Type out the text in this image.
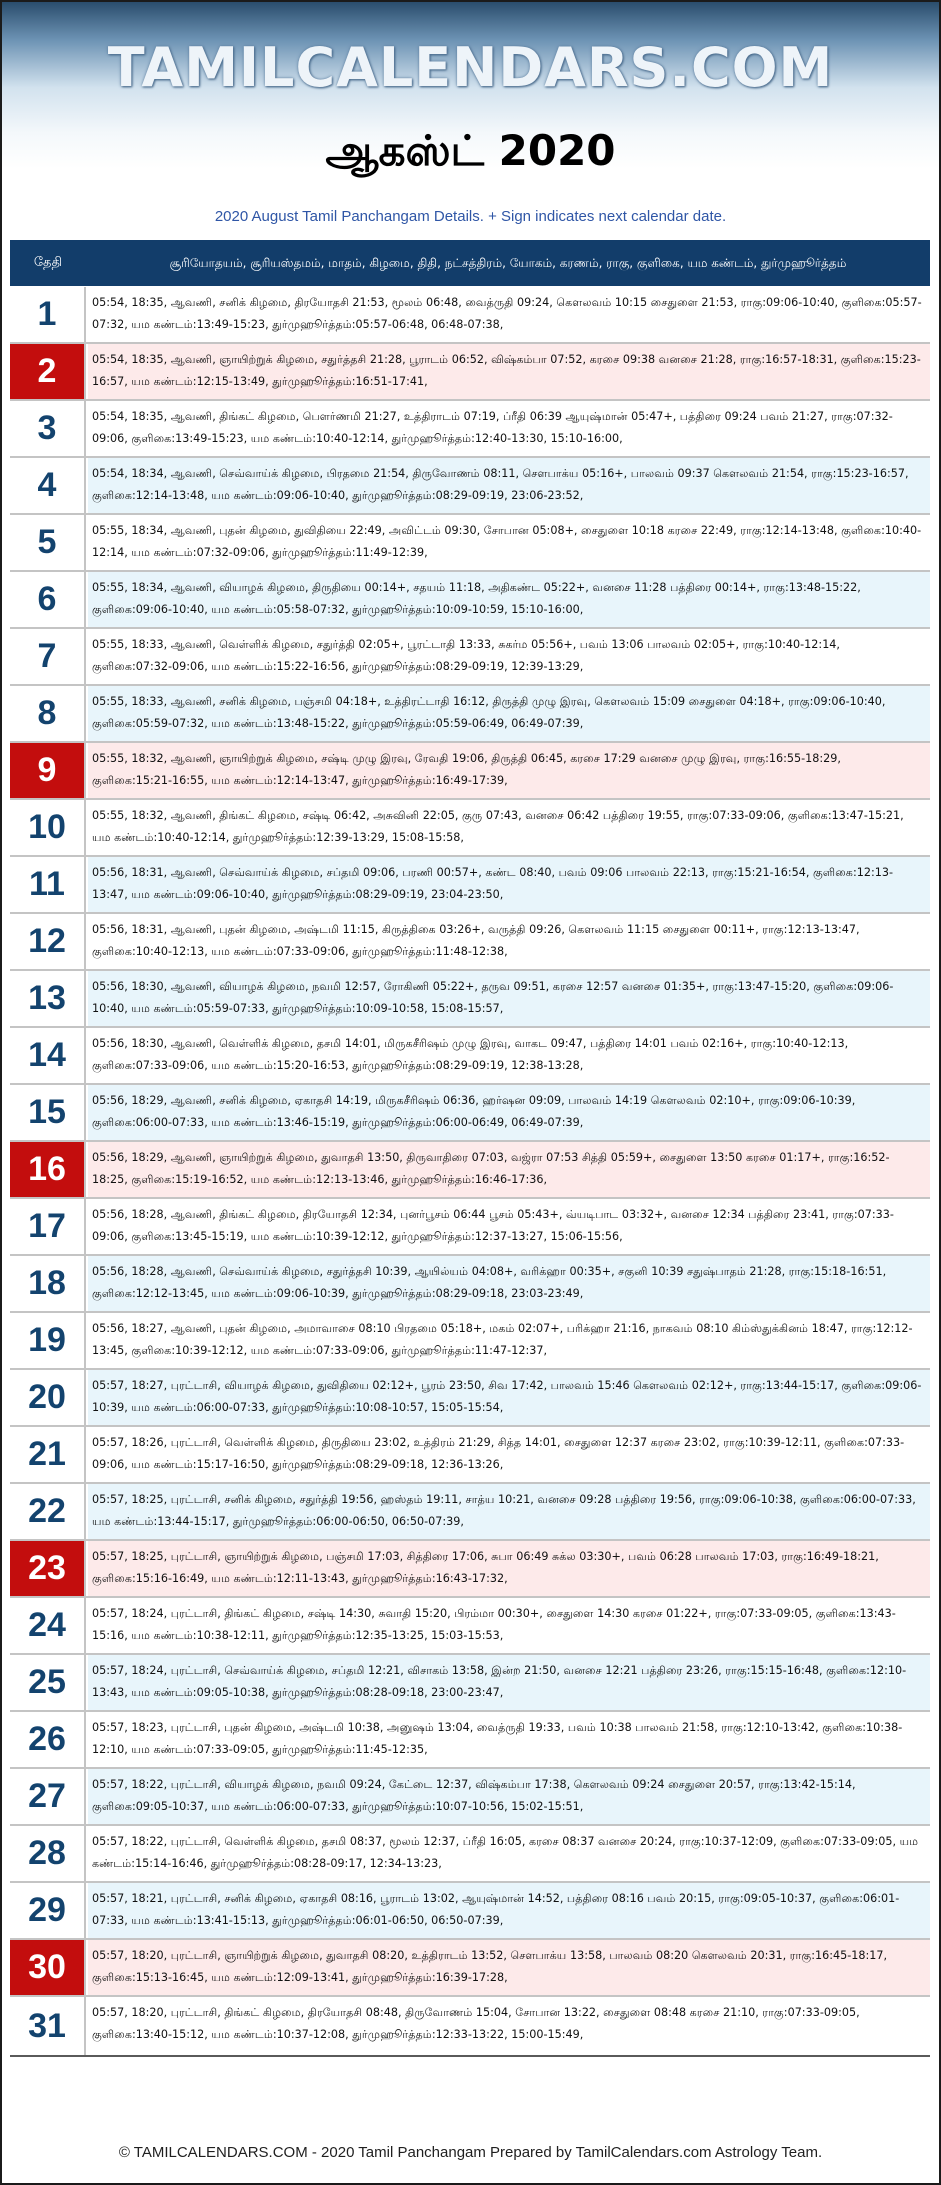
TAMILCALENDARS.COM
ஆகஸ்ட் 2020
2020 August Tamil Panchangam Details. + Sign indicates next calendar date.
தேதி	சூரியோதயம், சூரியஸ்தமம், மாதம், கிழமை, திதி, நட்சத்திரம், யோகம், கரணம், ராகு, குளிகை, யம கண்டம், துர்முஹூர்த்தம்
1	05:54, 18:35, ஆவணி, சனிக் கிழமை, திரயோதசி 21:53, மூலம் 06:48, வைத்ருதி 09:24, கௌலவம் 10:15 சைதுளை 21:53, ராகு:09:06-10:40, குளிகை:05:57-07:32, யம கண்டம்:13:49-15:23, துர்முஹூர்த்தம்:05:57-06:48, 06:48-07:38,
2	05:54, 18:35, ஆவணி, ஞாயிற்றுக் கிழமை, சதுர்த்தசி 21:28, பூராடம் 06:52, விஷ்கம்பா 07:52, கரசை 09:38 வனசை 21:28, ராகு:16:57-18:31, குளிகை:15:23-16:57, யம கண்டம்:12:15-13:49, துர்முஹூர்த்தம்:16:51-17:41,
3	05:54, 18:35, ஆவணி, திங்கட் கிழமை, பௌர்ணமி 21:27, உத்திராடம் 07:19, ப்ரீதி 06:39 ஆயுஷ்மான் 05:47+, பத்திரை 09:24 பவம் 21:27, ராகு:07:32-09:06, குளிகை:13:49-15:23, யம கண்டம்:10:40-12:14, துர்முஹூர்த்தம்:12:40-13:30, 15:10-16:00,
4	05:54, 18:34, ஆவணி, செவ்வாய்க் கிழமை, பிரதமை 21:54, திருவோணம் 08:11, சௌபாக்ய 05:16+, பாலவம் 09:37 கௌலவம் 21:54, ராகு:15:23-16:57, குளிகை:12:14-13:48, யம கண்டம்:09:06-10:40, துர்முஹூர்த்தம்:08:29-09:19, 23:06-23:52,
5	05:55, 18:34, ஆவணி, புதன் கிழமை, துவிதியை 22:49, அவிட்டம் 09:30, சோபான 05:08+, சைதுளை 10:18 கரசை 22:49, ராகு:12:14-13:48, குளிகை:10:40-12:14, யம கண்டம்:07:32-09:06, துர்முஹூர்த்தம்:11:49-12:39,
6	05:55, 18:34, ஆவணி, வியாழக் கிழமை, திருதியை 00:14+, சதயம் 11:18, அதிகண்ட 05:22+, வனசை 11:28 பத்திரை 00:14+, ராகு:13:48-15:22, குளிகை:09:06-10:40, யம கண்டம்:05:58-07:32, துர்முஹூர்த்தம்:10:09-10:59, 15:10-16:00,
7	05:55, 18:33, ஆவணி, வெள்ளிக் கிழமை, சதுர்த்தி 02:05+, பூரட்டாதி 13:33, சுகர்ம 05:56+, பவம் 13:06 பாலவம் 02:05+, ராகு:10:40-12:14, குளிகை:07:32-09:06, யம கண்டம்:15:22-16:56, துர்முஹூர்த்தம்:08:29-09:19, 12:39-13:29,
8	05:55, 18:33, ஆவணி, சனிக் கிழமை, பஞ்சமி 04:18+, உத்திரட்டாதி 16:12, திருத்தி முழு இரவு, கௌலவம் 15:09 சைதுளை 04:18+, ராகு:09:06-10:40, குளிகை:05:59-07:32, யம கண்டம்:13:48-15:22, துர்முஹூர்த்தம்:05:59-06:49, 06:49-07:39,
9	05:55, 18:32, ஆவணி, ஞாயிற்றுக் கிழமை, சஷ்டி முழு இரவு, ரேவதி 19:06, திருத்தி 06:45, கரசை 17:29 வனசை முழு இரவு, ராகு:16:55-18:29, குளிகை:15:21-16:55, யம கண்டம்:12:14-13:47, துர்முஹூர்த்தம்:16:49-17:39,
10	05:55, 18:32, ஆவணி, திங்கட் கிழமை, சஷ்டி 06:42, அசுவினி 22:05, குரு 07:43, வனசை 06:42 பத்திரை 19:55, ராகு:07:33-09:06, குளிகை:13:47-15:21, யம கண்டம்:10:40-12:14, துர்முஹூர்த்தம்:12:39-13:29, 15:08-15:58,
11	05:56, 18:31, ஆவணி, செவ்வாய்க் கிழமை, சப்தமி 09:06, பரணி 00:57+, கண்ட 08:40, பவம் 09:06 பாலவம் 22:13, ராகு:15:21-16:54, குளிகை:12:13-13:47, யம கண்டம்:09:06-10:40, துர்முஹூர்த்தம்:08:29-09:19, 23:04-23:50,
12	05:56, 18:31, ஆவணி, புதன் கிழமை, அஷ்டமி 11:15, கிருத்திகை 03:26+, வருத்தி 09:26, கௌலவம் 11:15 சைதுளை 00:11+, ராகு:12:13-13:47, குளிகை:10:40-12:13, யம கண்டம்:07:33-09:06, துர்முஹூர்த்தம்:11:48-12:38,
13	05:56, 18:30, ஆவணி, வியாழக் கிழமை, நவமி 12:57, ரோகிணி 05:22+, தருவ 09:51, கரசை 12:57 வனசை 01:35+, ராகு:13:47-15:20, குளிகை:09:06-10:40, யம கண்டம்:05:59-07:33, துர்முஹூர்த்தம்:10:09-10:58, 15:08-15:57,
14	05:56, 18:30, ஆவணி, வெள்ளிக் கிழமை, தசமி 14:01, மிருகசீரிஷம் முழு இரவு, வாகட 09:47, பத்திரை 14:01 பவம் 02:16+, ராகு:10:40-12:13, குளிகை:07:33-09:06, யம கண்டம்:15:20-16:53, துர்முஹூர்த்தம்:08:29-09:19, 12:38-13:28,
15	05:56, 18:29, ஆவணி, சனிக் கிழமை, ஏகாதசி 14:19, மிருகசீரிஷம் 06:36, ஹர்ஷன 09:09, பாலவம் 14:19 கௌலவம் 02:10+, ராகு:09:06-10:39, குளிகை:06:00-07:33, யம கண்டம்:13:46-15:19, துர்முஹூர்த்தம்:06:00-06:49, 06:49-07:39,
16	05:56, 18:29, ஆவணி, ஞாயிற்றுக் கிழமை, துவாதசி 13:50, திருவாதிரை 07:03, வஜ்ரா 07:53 சித்தி 05:59+, சைதுளை 13:50 கரசை 01:17+, ராகு:16:52-18:25, குளிகை:15:19-16:52, யம கண்டம்:12:13-13:46, துர்முஹூர்த்தம்:16:46-17:36,
17	05:56, 18:28, ஆவணி, திங்கட் கிழமை, திரயோதசி 12:34, புனர்பூசம் 06:44 பூசம் 05:43+, வ்யடிபாட 03:32+, வனசை 12:34 பத்திரை 23:41, ராகு:07:33-09:06, குளிகை:13:45-15:19, யம கண்டம்:10:39-12:12, துர்முஹூர்த்தம்:12:37-13:27, 15:06-15:56,
18	05:56, 18:28, ஆவணி, செவ்வாய்க் கிழமை, சதுர்த்தசி 10:39, ஆயில்யம் 04:08+, வரிக்ஹா 00:35+, சகுனி 10:39 சதுஷ்பாதம் 21:28, ராகு:15:18-16:51, குளிகை:12:12-13:45, யம கண்டம்:09:06-10:39, துர்முஹூர்த்தம்:08:29-09:18, 23:03-23:49,
19	05:56, 18:27, ஆவணி, புதன் கிழமை, அமாவாசை 08:10 பிரதமை 05:18+, மகம் 02:07+, பரிக்ஹா 21:16, நாகவம் 08:10 கிம்ஸ்துக்கினம் 18:47, ராகு:12:12-13:45, குளிகை:10:39-12:12, யம கண்டம்:07:33-09:06, துர்முஹூர்த்தம்:11:47-12:37,
20	05:57, 18:27, புரட்டாசி, வியாழக் கிழமை, துவிதியை 02:12+, பூரம் 23:50, சிவ 17:42, பாலவம் 15:46 கௌலவம் 02:12+, ராகு:13:44-15:17, குளிகை:09:06-10:39, யம கண்டம்:06:00-07:33, துர்முஹூர்த்தம்:10:08-10:57, 15:05-15:54,
21	05:57, 18:26, புரட்டாசி, வெள்ளிக் கிழமை, திருதியை 23:02, உத்திரம் 21:29, சித்த 14:01, சைதுளை 12:37 கரசை 23:02, ராகு:10:39-12:11, குளிகை:07:33-09:06, யம கண்டம்:15:17-16:50, துர்முஹூர்த்தம்:08:29-09:18, 12:36-13:26,
22	05:57, 18:25, புரட்டாசி, சனிக் கிழமை, சதுர்த்தி 19:56, ஹஸ்தம் 19:11, சாத்ய 10:21, வனசை 09:28 பத்திரை 19:56, ராகு:09:06-10:38, குளிகை:06:00-07:33, யம கண்டம்:13:44-15:17, துர்முஹூர்த்தம்:06:00-06:50, 06:50-07:39,
23	05:57, 18:25, புரட்டாசி, ஞாயிற்றுக் கிழமை, பஞ்சமி 17:03, சித்திரை 17:06, சுபா 06:49 சுக்ல 03:30+, பவம் 06:28 பாலவம் 17:03, ராகு:16:49-18:21, குளிகை:15:16-16:49, யம கண்டம்:12:11-13:43, துர்முஹூர்த்தம்:16:43-17:32,
24	05:57, 18:24, புரட்டாசி, திங்கட் கிழமை, சஷ்டி 14:30, சுவாதி 15:20, பிரம்மா 00:30+, சைதுளை 14:30 கரசை 01:22+, ராகு:07:33-09:05, குளிகை:13:43-15:16, யம கண்டம்:10:38-12:11, துர்முஹூர்த்தம்:12:35-13:25, 15:03-15:53,
25	05:57, 18:24, புரட்டாசி, செவ்வாய்க் கிழமை, சப்தமி 12:21, விசாகம் 13:58, இன்ற 21:50, வனசை 12:21 பத்திரை 23:26, ராகு:15:15-16:48, குளிகை:12:10-13:43, யம கண்டம்:09:05-10:38, துர்முஹூர்த்தம்:08:28-09:18, 23:00-23:47,
26	05:57, 18:23, புரட்டாசி, புதன் கிழமை, அஷ்டமி 10:38, அனுஷம் 13:04, வைத்ருதி 19:33, பவம் 10:38 பாலவம் 21:58, ராகு:12:10-13:42, குளிகை:10:38-12:10, யம கண்டம்:07:33-09:05, துர்முஹூர்த்தம்:11:45-12:35,
27	05:57, 18:22, புரட்டாசி, வியாழக் கிழமை, நவமி 09:24, கேட்டை 12:37, விஷ்கம்பா 17:38, கௌலவம் 09:24 சைதுளை 20:57, ராகு:13:42-15:14, குளிகை:09:05-10:37, யம கண்டம்:06:00-07:33, துர்முஹூர்த்தம்:10:07-10:56, 15:02-15:51,
28	05:57, 18:22, புரட்டாசி, வெள்ளிக் கிழமை, தசமி 08:37, மூலம் 12:37, ப்ரீதி 16:05, கரசை 08:37 வனசை 20:24, ராகு:10:37-12:09, குளிகை:07:33-09:05, யம கண்டம்:15:14-16:46, துர்முஹூர்த்தம்:08:28-09:17, 12:34-13:23,
29	05:57, 18:21, புரட்டாசி, சனிக் கிழமை, ஏகாதசி 08:16, பூராடம் 13:02, ஆயுஷ்மான் 14:52, பத்திரை 08:16 பவம் 20:15, ராகு:09:05-10:37, குளிகை:06:01-07:33, யம கண்டம்:13:41-15:13, துர்முஹூர்த்தம்:06:01-06:50, 06:50-07:39,
30	05:57, 18:20, புரட்டாசி, ஞாயிற்றுக் கிழமை, துவாதசி 08:20, உத்திராடம் 13:52, சௌபாக்ய 13:58, பாலவம் 08:20 கௌலவம் 20:31, ராகு:16:45-18:17, குளிகை:15:13-16:45, யம கண்டம்:12:09-13:41, துர்முஹூர்த்தம்:16:39-17:28,
31	05:57, 18:20, புரட்டாசி, திங்கட் கிழமை, திரயோதசி 08:48, திருவோணம் 15:04, சோபான 13:22, சைதுளை 08:48 கரசை 21:10, ராகு:07:33-09:05, குளிகை:13:40-15:12, யம கண்டம்:10:37-12:08, துர்முஹூர்த்தம்:12:33-13:22, 15:00-15:49,
© TAMILCALENDARS.COM - 2020 Tamil Panchangam Prepared by TamilCalendars.com Astrology Team.
